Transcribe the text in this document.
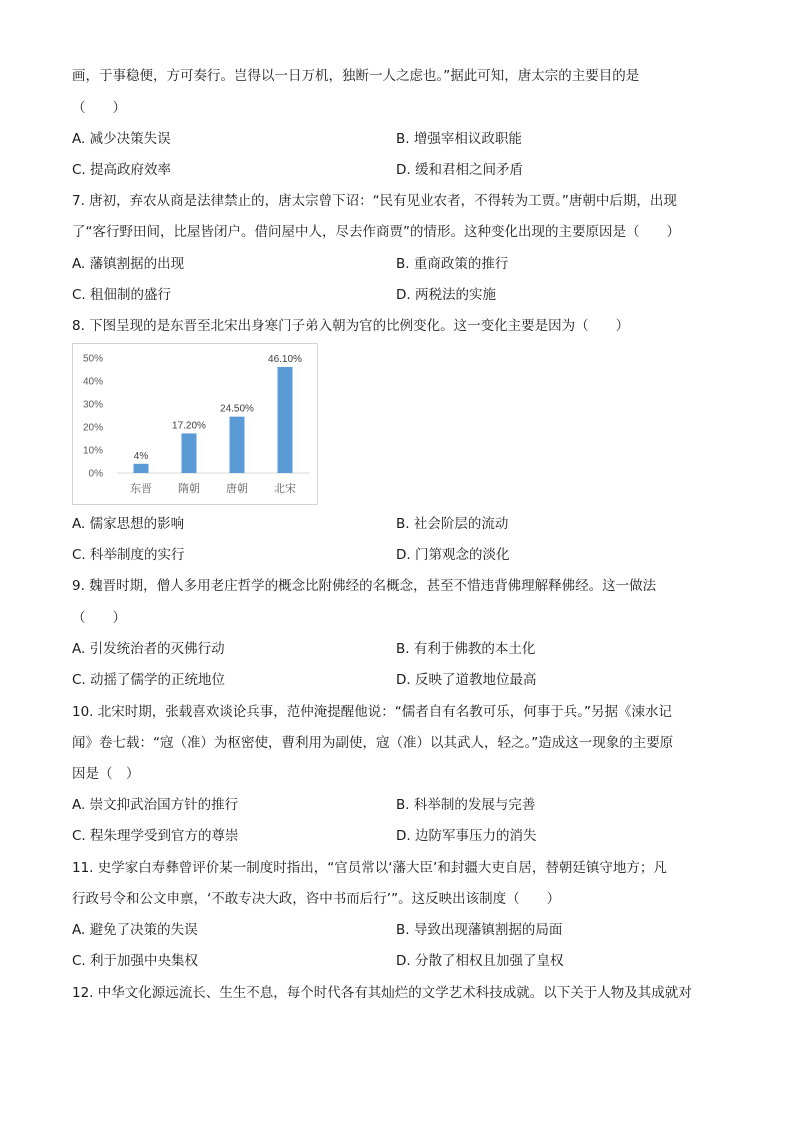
画，于事稳便，方可奏行。岂得以一日万机，独断一人之虑也。”据此可知，唐太宗的主要目的是
（　　）
A. 减少决策失误	B. 增强宰相议政职能
C. 提高政府效率	D. 缓和君相之间矛盾
7. 唐初，弃农从商是法律禁止的，唐太宗曾下诏：“民有见业农者，不得转为工贾。”唐朝中后期，出现
了“客行野田间，比屋皆闭户。借问屋中人，尽去作商贾”的情形。这种变化出现的主要原因是（　　）
A. 藩镇割据的出现	B. 重商政策的推行
C. 租佃制的盛行	D. 两税法的实施
8. 下图呈现的是东晋至北宋出身寒门子弟入朝为官的比例变化。这一变化主要是因为（　　）
0%
10%
20%
30%
40%
50%
4%
东晋
17.20%
隋朝
24.50%
唐朝
46.10%
北宋
A. 儒家思想的影响	B. 社会阶层的流动
C. 科举制度的实行	D. 门第观念的淡化
9. 魏晋时期，僧人多用老庄哲学的概念比附佛经的名概念，甚至不惜违背佛理解释佛经。这一做法
（　　）
A. 引发统治者的灭佛行动	B. 有利于佛教的本土化
C. 动摇了儒学的正统地位	D. 反映了道教地位最高
10. 北宋时期，张载喜欢谈论兵事，范仲淹提醒他说：“儒者自有名教可乐，何事于兵。”另据《涑水记
闻》卷七载：“寇（准）为枢密使，曹利用为副使，寇（准）以其武人，轻之。”造成这一现象的主要原
因是（　）
A. 崇文抑武治国方针的推行	B. 科举制的发展与完善
C. 程朱理学受到官方的尊崇	D. 边防军事压力的消失
11. 史学家白寿彝曾评价某一制度时指出，“官员常以‘藩大臣’和封疆大吏自居，替朝廷镇守地方；凡
行政号令和公文申禀，‘不敢专决大政，咨中书而后行’”。这反映出该制度（　　）
A. 避免了决策的失误	B. 导致出现藩镇割据的局面
C. 利于加强中央集权	D. 分散了相权且加强了皇权
12. 中华文化源远流长、生生不息，每个时代各有其灿烂的文学艺术科技成就。以下关于人物及其成就对
